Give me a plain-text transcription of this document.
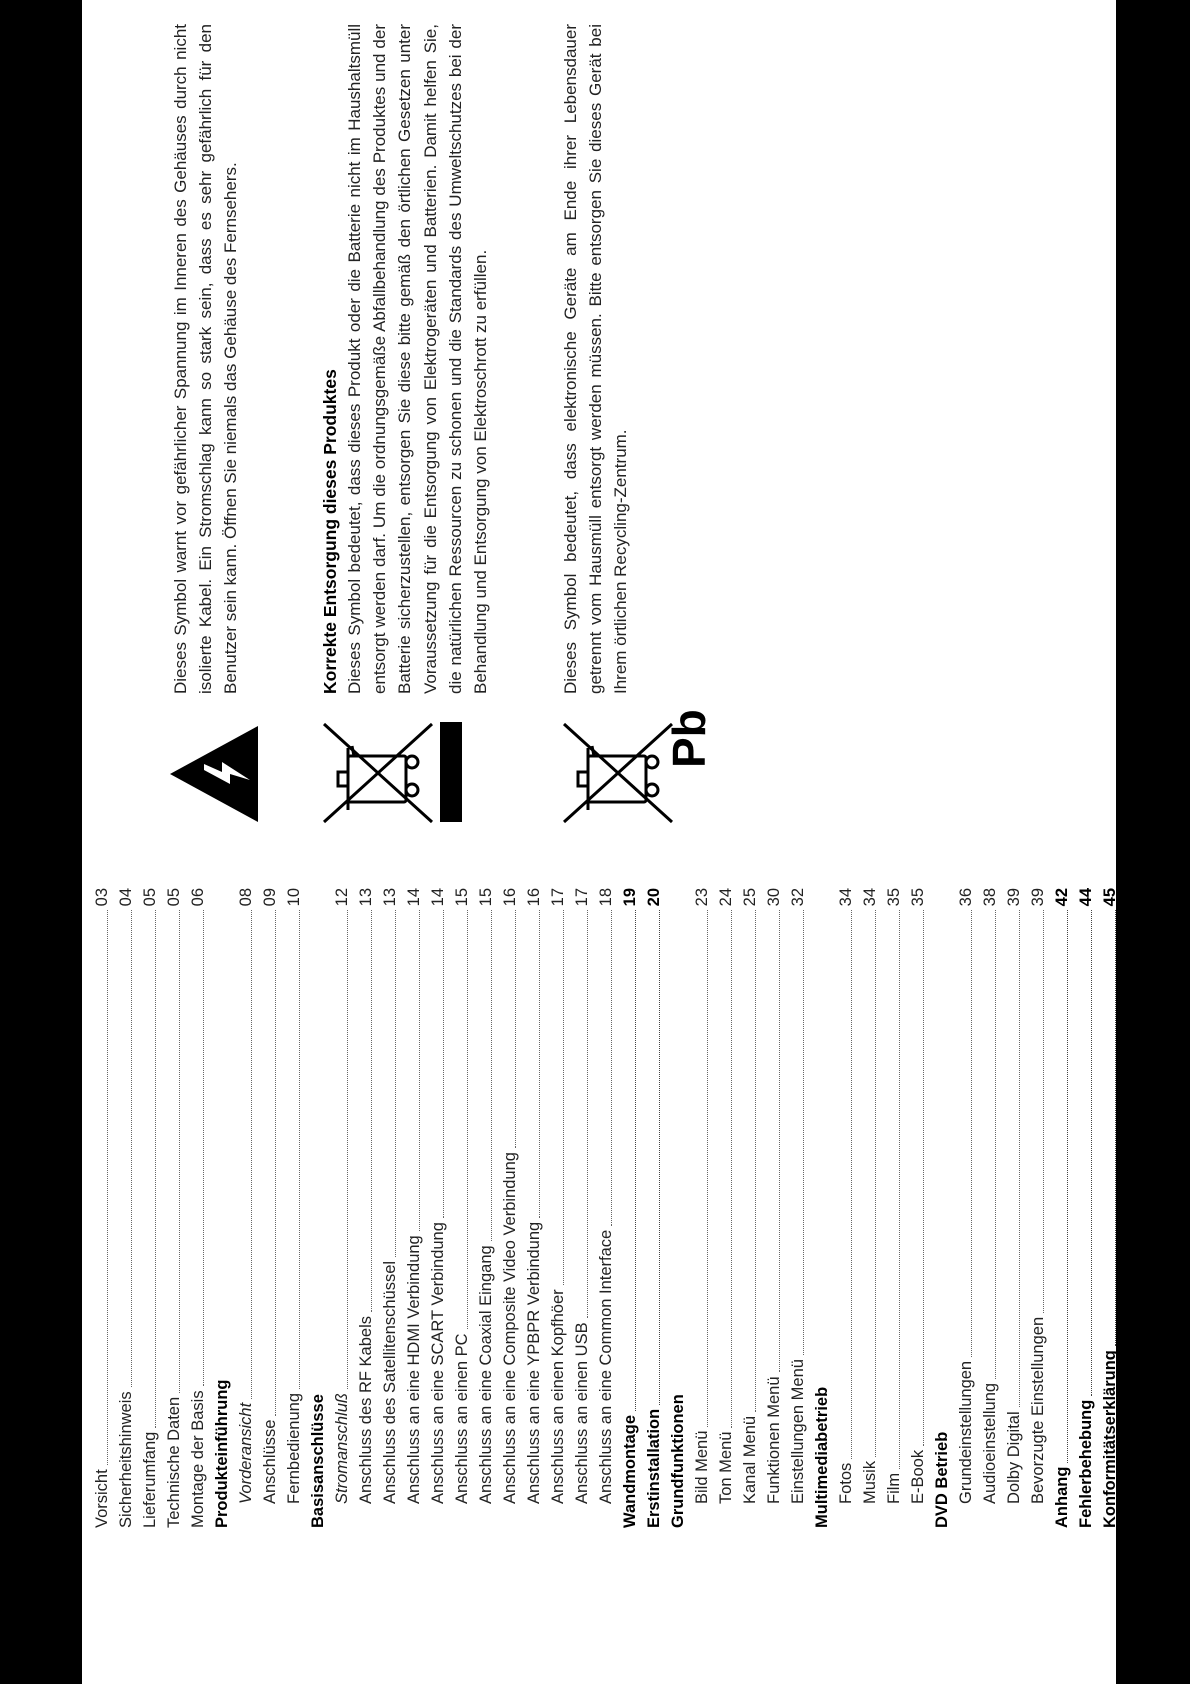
Vorsicht
03
Sicherheitshinweis
04
Lieferumfang
05
Technische Daten
05
Montage der Basis
06
Produkteinführung Vorderansicht
08
Anschlüsse
09
Fernbedienung
10
Basisanschlüsse Stromanschluß
12
Anschluss des RF Kabels
13
Anschluss des Satellitenschüssel
13
Anschluss an eine HDMI Verbindung
14
Anschluss an eine SCART Verbindung
14
Anschluss an einen PC
15
Anschluss an eine Coaxial Eingang
15
Anschluss an eine Composite Video Verbindung
16
Anschluss an eine YPBPR Verbindung
16
Anschluss an einen Kopfhöer
17
Anschluss an einen USB
17
Anschluss an eine Common Interface
18
Wandmontage
19
Erstinstallation
20
Grundfunktionen Bild Menü
23
Ton Menü
24
Kanal Menü
25
Funktionen Menü
30
Einstellungen Menü
32
Multimediabetrieb Fotos
34
Musik
34
Film
35
E-Book
35
DVD Betrieb Grundeinstellungen
36
Audioeinstellung
38
Dolby Digital
39
Bevorzugte Einstellungen
39
Anhang
42
Fehlerbehebung
44
Konformitätserklärung
45

Dieses Symbol warnt vor gefährlicher Spannung im Inneren des Gehäuses durch nicht isolierte Kabel. Ein Stromschlag kann so stark sein, dass es sehr gefährlich für den Benutzer sein kann. Öffnen Sie niemals das Gehäuse des Fernsehers.	Korrekte Entsorgung dieses Produktes Dieses Symbol bedeutet, dass dieses Produkt oder die Batterie nicht im Haushaltsmüll entsorgt werden darf. Um die ordnungsgemäße Abfallbehandlung des Produktes und der Batterie sicherzustellen, entsorgen Sie diese bitte gemäß den örtlichen Gesetzen unter Voraussetzung für die Entsorgung von Elektrogeräten und Batterien. Damit helfen Sie, die natürlichen Ressourcen zu schonen und die Standards des Umweltschutzes bei der Behandlung und Entsorgung von Elektroschrott zu erfüllen.

Pb

Dieses Symbol bedeutet, dass elektronische Geräte am Ende ihrer Lebensdauer getrennt vom Hausmüll entsorgt werden müssen. Bitte entsorgen Sie dieses Gerät bei Ihrem örtlichen Recycling-Zentrum.
